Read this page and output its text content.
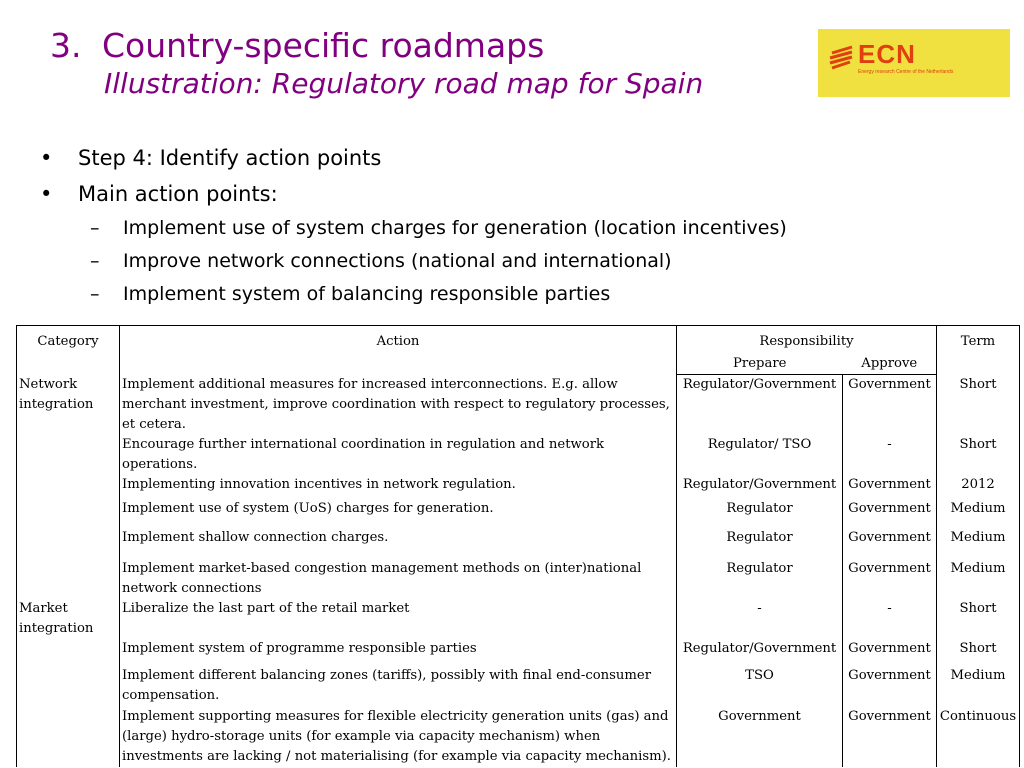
3. Country-specific roadmaps
Illustration: Regulatory road map for Spain
ECN
Energy research Centre of the Netherlands
• Step 4: Identify action points
• Main action points:
– Implement use of system charges for generation (location incentives)
– Improve network connections (national and international)
– Implement system of balancing responsible parties
Category	Action	Responsibility		Term
		Prepare	Approve	
Network integration	Implement additional measures for increased interconnections. E.g. allow merchant investment, improve coordination with respect to regulatory processes, et cetera.	Regulator/Government	Government	Short
	Encourage further international coordination in regulation and network operations.	Regulator/ TSO	-	Short
	Implementing innovation incentives in network regulation.	Regulator/Government	Government	2012
	Implement use of system (UoS) charges for generation.	Regulator	Government	Medium
	Implement shallow connection charges.	Regulator	Government	Medium
	Implement market-based congestion management methods on (inter)national network connections	Regulator	Government	Medium
Market integration	Liberalize the last part of the retail market	-	-	Short
	Implement system of programme responsible parties	Regulator/Government	Government	Short
	Implement different balancing zones (tariffs), possibly with final end-consumer compensation.	TSO	Government	Medium
	Implement supporting measures for flexible electricity generation units (gas) and (large) hydro-storage units (for example via capacity mechanism) when investments are lacking / not materialising (for example via capacity mechanism).	Government	Government	Continuous
